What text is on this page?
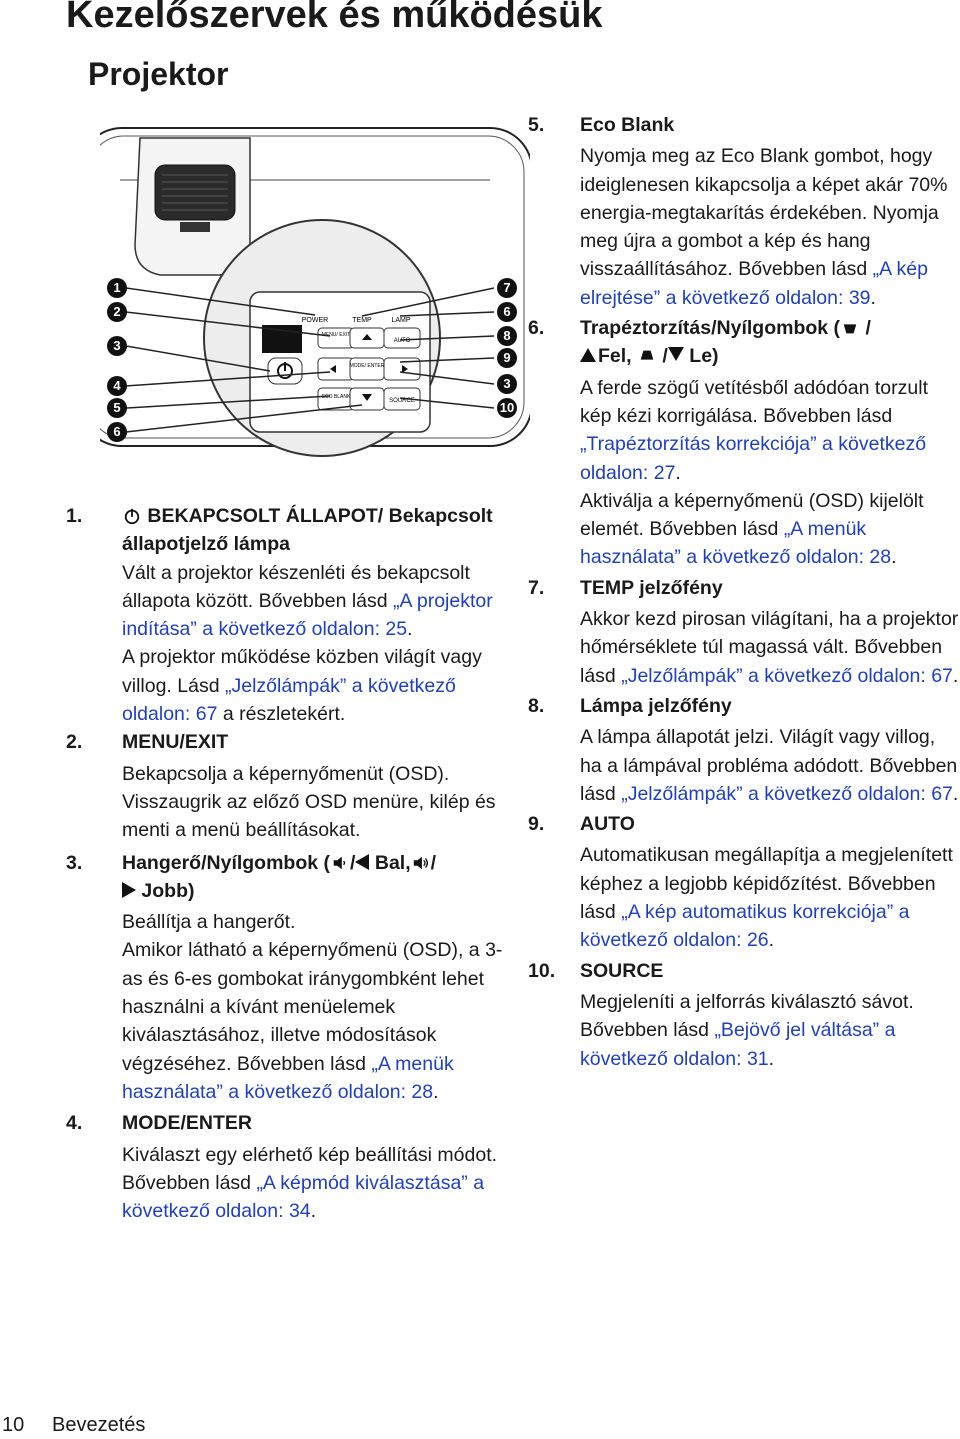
Kezelőszervek és működésük
Projektor
POWER	TEMP	LAMP
MENU/ EXIT
AUTO
MODE/ ENTER
ECO BLANK
SOURCE
1
2
3
4
5
6
7
6
8
9
3
10
1.	BEKAPCSOLT ÁLLAPOT/ Bekapcsolt állapotjelző lámpa
Vált a projektor készenléti és bekapcsolt állapota között. Bővebben lásd „A projektor indítása” a következő oldalon: 25.
A projektor működése közben világít vagy villog. Lásd „Jelzőlámpák” a következő oldalon: 67 a részletekért.
2. MENU/EXIT
Bekapcsolja a képernyőmenüt (OSD). Visszaugrik az előző OSD menüre, kilép és menti a menü beállításokat.
3. Hangerő/Nyílgombok ( / Bal, /
Jobb)
Beállítja a hangerőt.
Amikor látható a képernyőmenü (OSD), a 3-as és 6-es gombokat iránygombként lehet használni a kívánt menüelemek kiválasztásához, illetve módosítások végzéséhez. Bővebben lásd „A menük használata” a következő oldalon: 28.
4. MODE/ENTER
Kiválaszt egy elérhető kép beállítási módot. Bővebben lásd „A képmód kiválasztása” a következő oldalon: 34.
5. Eco Blank
Nyomja meg az Eco Blank gombot, hogy ideiglenesen kikapcsolja a képet akár 70% energia-megtakarítás érdekében. Nyomja meg újra a gombot a kép és hang visszaállításához. Bővebben lásd „A kép elrejtése” a következő oldalon: 39.
6. Trapéztorzítás/Nyílgombok ( /
Fel,  / Le)
A ferde szögű vetítésből adódóan torzult kép kézi korrigálása. Bővebben lásd „Trapéztorzítás korrekciója” a következő oldalon: 27.
Aktiválja a képernyőmenü (OSD) kijelölt elemét. Bővebben lásd „A menük használata” a következő oldalon: 28.
7. TEMP jelzőfény
Akkor kezd pirosan világítani, ha a projektor hőmérséklete túl magassá vált. Bővebben lásd „Jelzőlámpák” a következő oldalon: 67.
8. Lámpa jelzőfény
A lámpa állapotát jelzi. Világít vagy villog, ha a lámpával probléma adódott. Bővebben lásd „Jelzőlámpák” a következő oldalon: 67.
9. AUTO
Automatikusan megállapítja a megjelenített képhez a legjobb képidőzítést. Bővebben lásd „A kép automatikus korrekciója” a következő oldalon: 26.
10. SOURCE
Megjeleníti a jelforrás kiválasztó sávot. Bővebben lásd „Bejövő jel váltása” a következő oldalon: 31.
10 Bevezetés
